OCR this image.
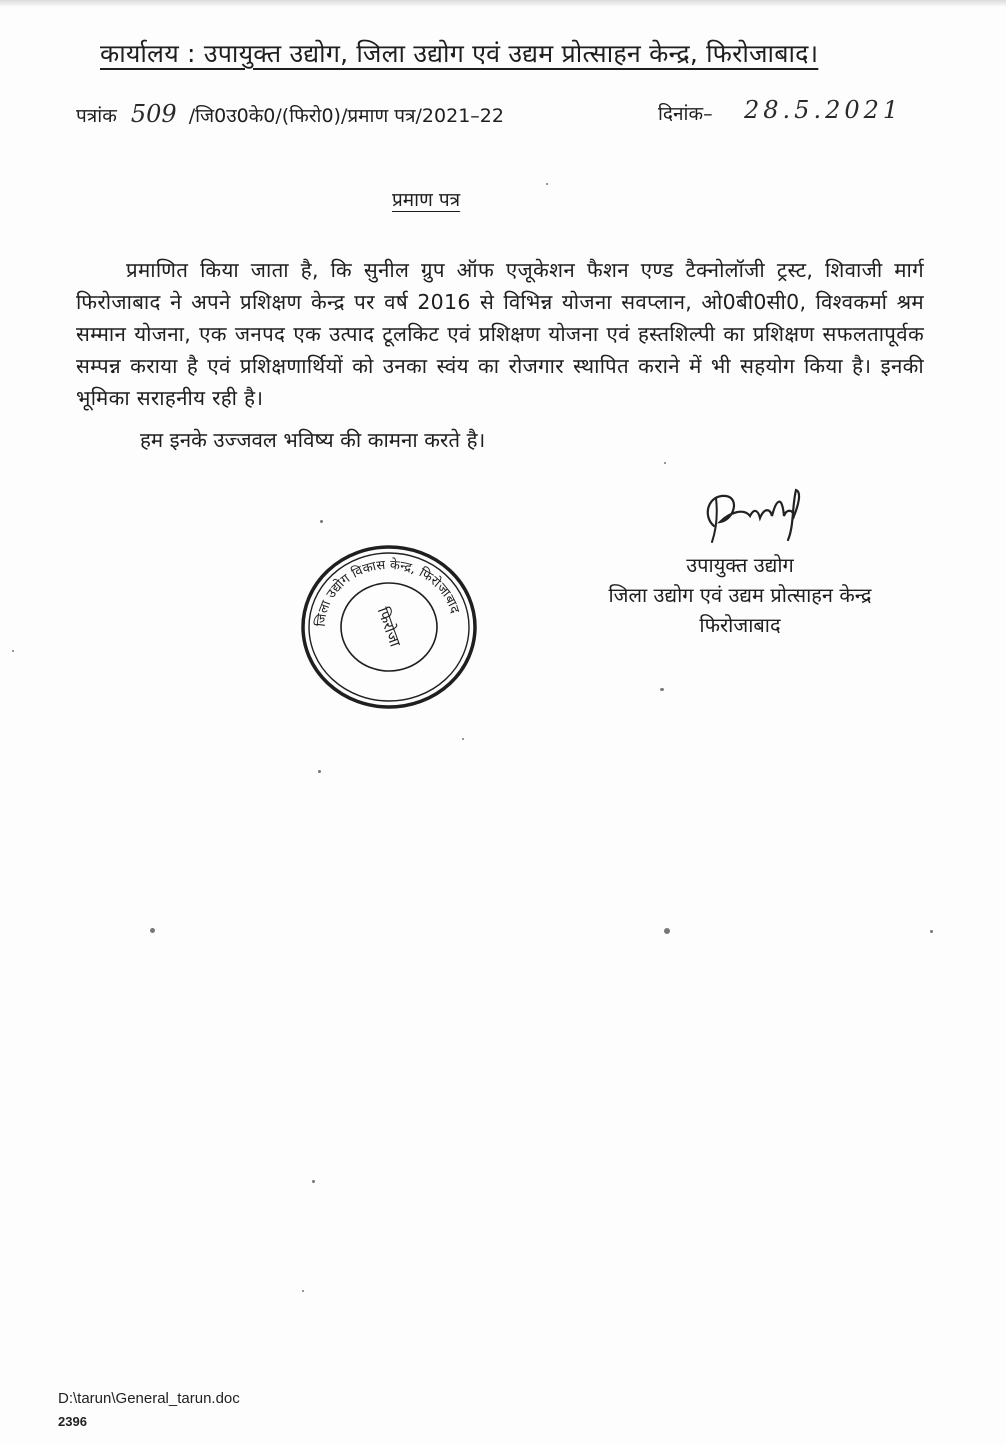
कार्यालय : उपायुक्त उद्योग, जिला उद्योग एवं उद्यम प्रोत्साहन केन्द्र, फिरोजाबाद।
पत्रांक 509 /जि0उ0के0/(फिरो0)/प्रमाण पत्र/2021–22	दिनांक– 28.5.2021
प्रमाण पत्र
प्रमाणित किया जाता है, कि सुनील ग्रुप ऑफ एजूकेशन फैशन एण्ड टैक्नोलॉजी ट्रस्ट, शिवाजी मार्ग फिरोजाबाद ने अपने प्रशिक्षण केन्द्र पर वर्ष 2016 से विभिन्न योजना सवप्लान, ओ0बी0सी0, विश्वकर्मा श्रम सम्मान योजना, एक जनपद एक उत्पाद टूलकिट एवं प्रशिक्षण योजना एवं हस्तशिल्पी का प्रशिक्षण सफलतापूर्वक सम्पन्न कराया है एवं प्रशिक्षणार्थियों को उनका स्वंय का रोजगार स्थापित कराने में भी सहयोग किया है। इनकी भूमिका सराहनीय रही है।
हम इनके उज्जवल भविष्य की कामना करते है।
उपायुक्त उद्योग
जिला उद्योग एवं उद्यम प्रोत्साहन केन्द्र
फिरोजाबाद
जिला उद्योग विकास केन्द्र, फिरोजाबाद
फिरोजा
D:\tarun\General_tarun.doc
2396
